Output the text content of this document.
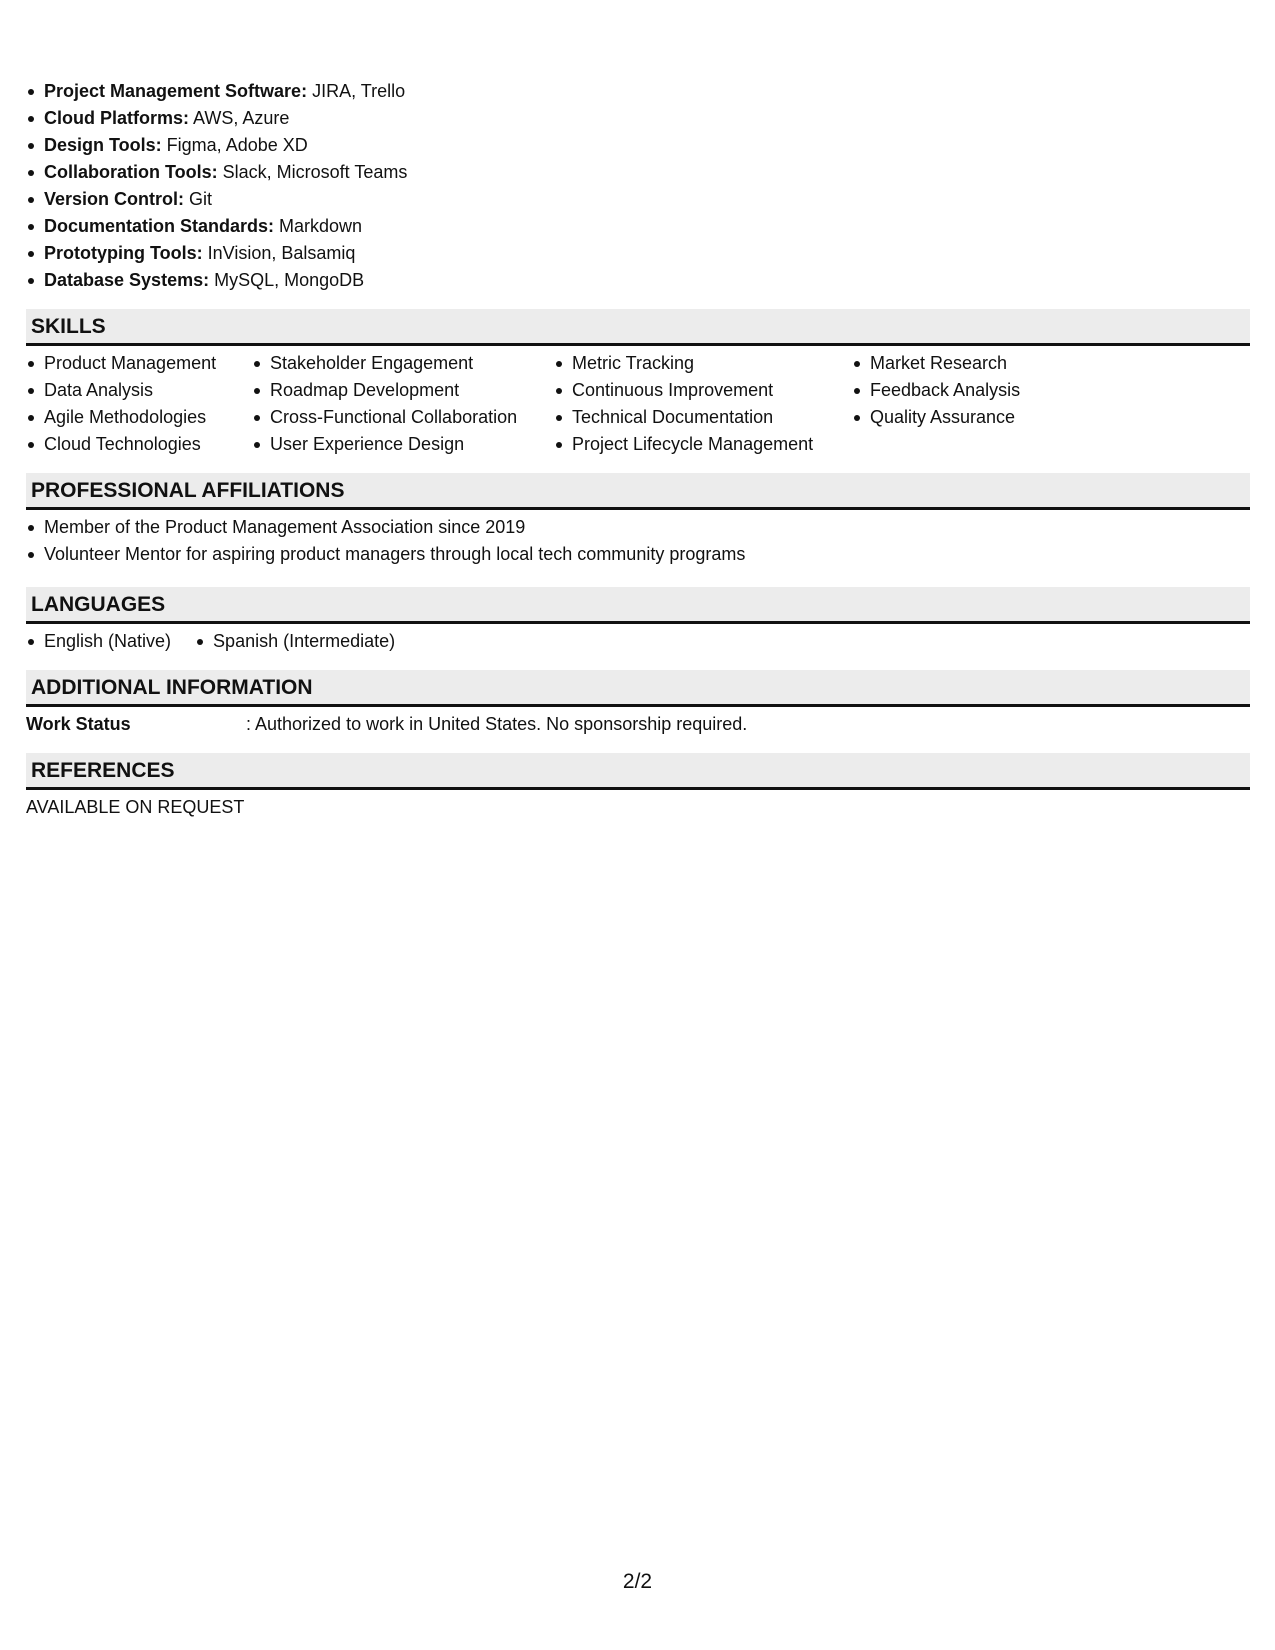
Project Management Software: JIRA, Trello
Cloud Platforms: AWS, Azure
Design Tools: Figma, Adobe XD
Collaboration Tools: Slack, Microsoft Teams
Version Control: Git
Documentation Standards: Markdown
Prototyping Tools: InVision, Balsamiq
Database Systems: MySQL, MongoDB
SKILLS
Product Management
Data Analysis
Agile Methodologies
Cloud Technologies
Stakeholder Engagement
Roadmap Development
Cross-Functional Collaboration
User Experience Design
Metric Tracking
Continuous Improvement
Technical Documentation
Project Lifecycle Management
Market Research
Feedback Analysis
Quality Assurance
PROFESSIONAL AFFILIATIONS
Member of the Product Management Association since 2019
Volunteer Mentor for aspiring product managers through local tech community programs
LANGUAGES
English (Native)	Spanish (Intermediate)
ADDITIONAL INFORMATION
Work Status	: Authorized to work in United States. No sponsorship required.
REFERENCES
AVAILABLE ON REQUEST
2/2
